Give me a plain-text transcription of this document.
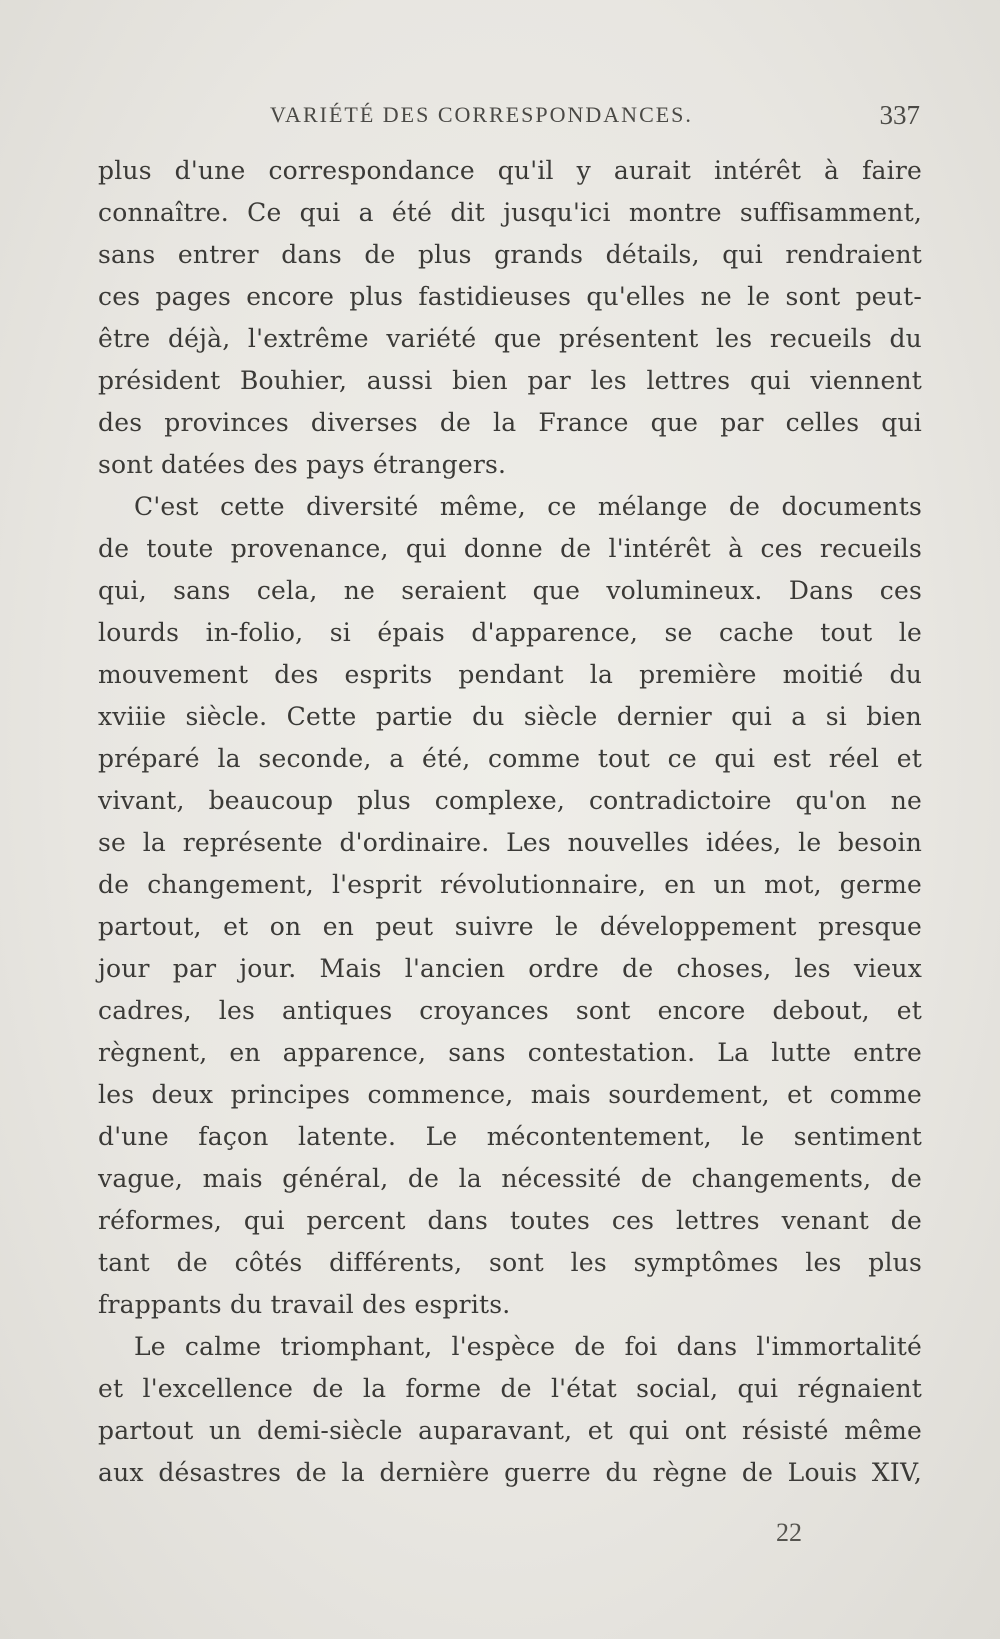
VARIÉTÉ DES CORRESPONDANCES.	337
plus d'une correspondance qu'il y aurait intérêt à faire
connaître. Ce qui a été dit jusqu'ici montre suffisamment,
sans entrer dans de plus grands détails, qui rendraient
ces pages encore plus fastidieuses qu'elles ne le sont peut-
être déjà, l'extrême variété que présentent les recueils du
président Bouhier, aussi bien par les lettres qui viennent
des provinces diverses de la France que par celles qui
sont datées des pays étrangers.
C'est cette diversité même, ce mélange de documents
de toute provenance, qui donne de l'intérêt à ces recueils
qui, sans cela, ne seraient que volumineux. Dans ces
lourds in-folio, si épais d'apparence, se cache tout le
mouvement des esprits pendant la première moitié du
xviiie siècle. Cette partie du siècle dernier qui a si bien
préparé la seconde, a été, comme tout ce qui est réel et
vivant, beaucoup plus complexe, contradictoire qu'on ne
se la représente d'ordinaire. Les nouvelles idées, le besoin
de changement, l'esprit révolutionnaire, en un mot, germe
partout, et on en peut suivre le développement presque
jour par jour. Mais l'ancien ordre de choses, les vieux
cadres, les antiques croyances sont encore debout, et
règnent, en apparence, sans contestation. La lutte entre
les deux principes commence, mais sourdement, et comme
d'une façon latente. Le mécontentement, le sentiment
vague, mais général, de la nécessité de changements, de
réformes, qui percent dans toutes ces lettres venant de
tant de côtés différents, sont les symptômes les plus
frappants du travail des esprits.
Le calme triomphant, l'espèce de foi dans l'immortalité
et l'excellence de la forme de l'état social, qui régnaient
partout un demi-siècle auparavant, et qui ont résisté même
aux désastres de la dernière guerre du règne de Louis XIV,
22
